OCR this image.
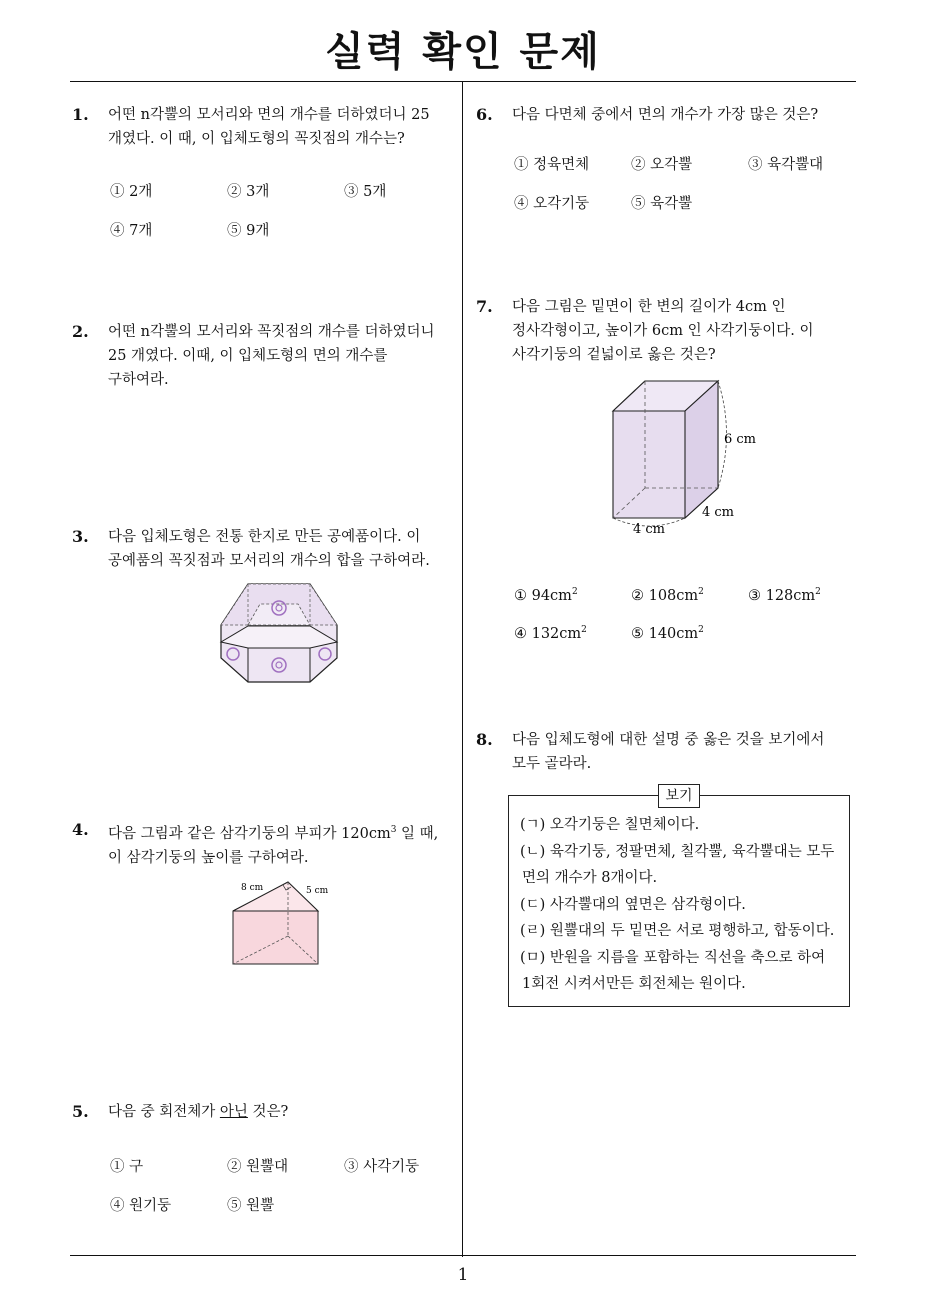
실력 확인 문제
1
1. 어떤 n각뿔의 모서리와 면의 개수를 더하였더니 25
개였다. 이 때, 이 입체도형의 꼭짓점의 개수는?
① 2개	② 3개	③ 5개
④ 7개	⑤ 9개
2. 어떤 n각뿔의 모서리와 꼭짓점의 개수를 더하였더니
25 개였다. 이때, 이 입체도형의 면의 개수를
구하여라.
3. 다음 입체도형은 전통 한지로 만든 공예품이다. 이
공예품의 꼭짓점과 모서리의 개수의 합을 구하여라.
4. 다음 그림과 같은 삼각기둥의 부피가 $120cm^3$ 일 때,
이 삼각기둥의 높이를 구하여라.
8 cm	5 cm
5. 다음 중 회전체가 아닌 것은?
① 구	② 원뿔대	③ 사각기둥
④ 원기둥	⑤ 원뿔
6. 다음 다면체 중에서 면의 개수가 가장 많은 것은?
① 정육면체	② 오각뿔	③ 육각뿔대
④ 오각기둥	⑤ 육각뿔
7. 다음 그림은 밑면이 한 변의 길이가 4cm 인
정사각형이고, 높이가 6cm 인 사각기둥이다. 이
사각기둥의 겉넓이로 옳은 것은?
6 cm
4 cm
4 cm
① $94cm^2$	② $108cm^2$	③ $128cm^2$
④ $132cm^2$	⑤ $140cm^2$
8. 다음 입체도형에 대한 설명 중 옳은 것을 보기에서
모두 골라라.
보기
(ㄱ) 오각기둥은 칠면체이다.
(ㄴ) 육각기둥, 정팔면체, 칠각뿔, 육각뿔대는 모두
면의 개수가 8개이다.
(ㄷ) 사각뿔대의 옆면은 삼각형이다.
(ㄹ) 원뿔대의 두 밑면은 서로 평행하고, 합동이다.
(ㅁ) 반원을 지름을 포함하는 직선을 축으로 하여
1회전 시켜서만든 회전체는 원이다.
